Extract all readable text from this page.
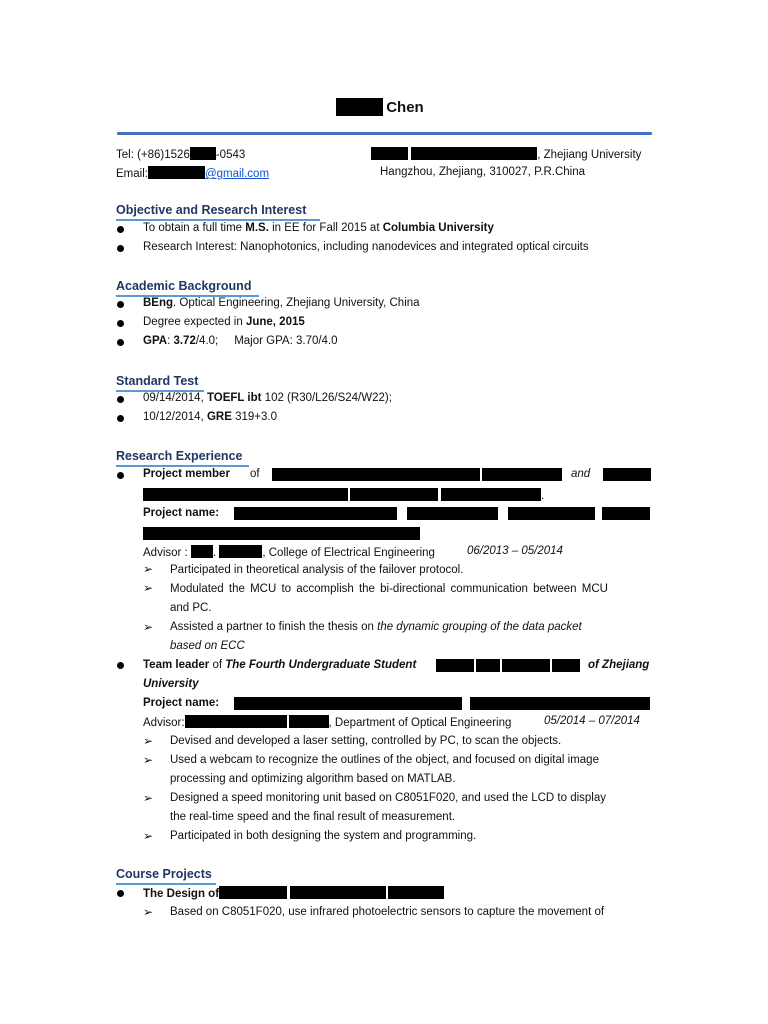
Chen
Tel: (+86)1526 -0543
Email:	@gmail.com
, Zhejiang University
Hangzhou, Zhejiang, 310027, P.R.China
Objective and Research Interest
To obtain a full time M.S. in EE for Fall 2015 at Columbia University
Research Interest: Nanophotonics, including nanodevices and integrated optical circuits
Academic Background
BEng. Optical Engineering, Zhejiang University, China
Degree expected in June, 2015
GPA: 3.72/4.0;     Major GPA: 3.70/4.0
Standard Test
09/14/2014, TOEFL ibt 102 (R30/L26/S24/W22);
10/12/2014, GRE 319+3.0
Research Experience
Project member of	and
.
Project name:
Advisor : .	, College of Electrical Engineering	06/2013 – 05/2014
➢ Participated in theoretical analysis of the failover protocol.
➢ Modulated the MCU to accomplish the bi-directional communication between MCU
and PC.
➢ Assisted a partner to finish the thesis on the dynamic grouping of the data packet
based on ECC
Team leader of The Fourth Undergraduate Student	of Zhejiang
University
Project name:
Advisor:	, Department of Optical Engineering	05/2014 – 07/2014
➢ Devised and developed a laser setting, controlled by PC, to scan the objects.
➢ Used a webcam to recognize the outlines of the object, and focused on digital image
processing and optimizing algorithm based on MATLAB.
➢ Designed a speed monitoring unit based on C8051F020, and used the LCD to display
the real-time speed and the final result of measurement.
➢ Participated in both designing the system and programming.
Course Projects
The Design of
➢ Based on C8051F020, use infrared photoelectric sensors to capture the movement of
